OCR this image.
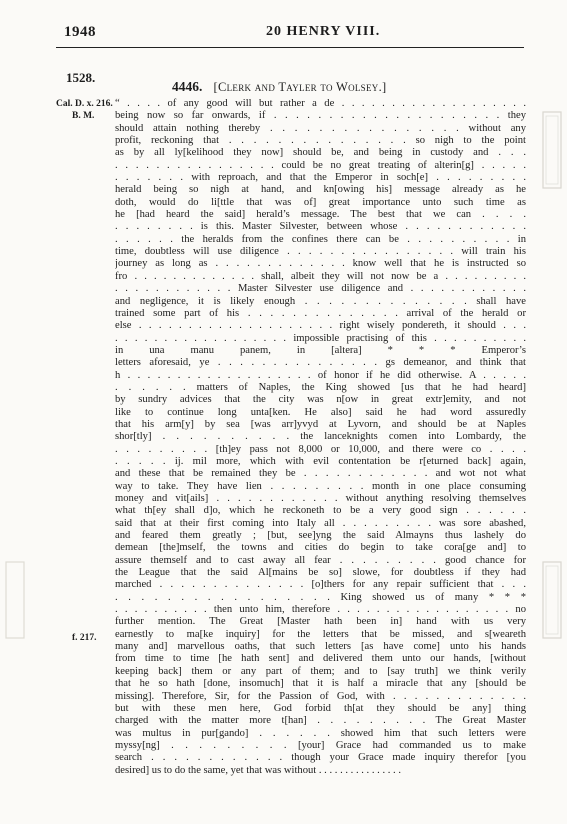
1948	20 HENRY VIII.
1528.
4446. [Clerk and Tayler to Wolsey.]
Cal. D. x. 216.
B. M.
f. 217.
“ . . . . of any good will but rather a de . . . . . . . . . . . . . . . . . . .
being now so far onwards, if . . . . . . . . . . . . . . . . . . . . . they
should attain nothing thereby . . . . . . . . . . . . . . . . without any
profit, reckoning that . . . . . . . . . . . . . . . so nigh to the point
as by all ly[kelihood they now] should be, and being in custody and . . .
. . . . . . . . . . . . . . . . could be no great treating of alterin[g] . . . . .
. . . . . . . with reproach, and that the Emperor in soch[e] . . . . . . . . .
herald being so nigh at hand, and kn[owing his] message already as he
doth, would do li[ttle that was of] great importance unto such time as
he [had heard the said] herald’s message. The best that we can . . . .
. . . . . . . . is this. Master Silvester, between whose . . . . . . . . . . . .
. . . . . . the heralds from the confines there can be . . . . . . . . . . in
time, doubtless will use diligence . . . . . . . . . . . . . . . . will train his
journey as long as . . . . . . . . . . . . . know well that he is instructed so
fro . . . . . . . . . . . . . shall, albeit they will not now be a . . . . . . . . .
. . . . . . . . . . . . Master Silvester use diligence and . . . . . . . . . . . .
and negligence, it is likely enough . . . . . . . . . . . . . . shall have
trained some part of his . . . . . . . . . . . . . . arrival of the herald or
else . . . . . . . . . . . . . . . . . . . . right wisely pondereth, it should . . .
. . . . . . . . . . . . . . . . . . impossible practising of this . . . . . . . . . .
in una manu panem, in [altera] * * * Emperor’s
letters aforesaid, ye . . . . . . . . . . . . . . . gs demeanor, and think that
h . . . . . . . . . . . . . . . . . . . of honor if he did otherwise. A . . . . .
. . . . . . matters of Naples, the King showed [us that he had heard]
by sundry advices that the city was n[ow in great extr]emity, and not
like to continue long unta[ken. He also] said he had word assuredly
that his arm[y] by sea [was arr]yvyd at Lyvorn, and should be at Naples
shor[tly] . . . . . . . . . . the lanceknights comen into Lombardy, the
. . . . . . . . . [th]ey pass not 8,000 or 10,000, and there were co . . . .
. . . . . ij. mil more, which with evil contentation be r[eturned back] again,
and these that be remained they be . . . . . . . . . . . . and wot not what
way to take. They have lien . . . . . . . . . month in one place consuming
money and vit[ails] . . . . . . . . . . . . without anything resolving themselves
what th[ey shall d]o, which he reckoneth to be a very good sign . . . . . .
said that at their first coming into Italy all . . . . . . . . . was sore abashed,
and feared them greatly ; [but, see]yng the said Almayns thus lashely do
demean [the]mself, the towns and cities do begin to take cora[ge and] to
assure themself and to cast away all fear . . . . . . . . . good chance for
the League that the said Al[mains be so] slowe, for doubtless if they had
marched . . . . . . . . . . . . . . [o]thers for any repair sufficient that . . .
. . . . . . . . . . . . . . . . . King showed us of many * * *
. . . . . . . . . . then unto him, therefore . . . . . . . . . . . . . . . . . . no
further mention. The Great [Master hath been in] hand with us very
earnestly to ma[ke inquiry] for the letters that be missed, and s[weareth
many and] marvellous oaths, that such letters [as have come] unto his hands
from time to time [he hath sent] and delivered them unto our hands, [without
keeping back] them or any part of them; and to [say truth] we think verily
that he so hath [done, insomuch] that it is half a miracle that any [should be
missing]. Therefore, Sir, for the Passion of God, with . . . . . . . . . . . . .
but with these men here, God forbid th[at they should be any] thing
charged with the matter more t[han] . . . . . . . . . The Great Master
was multus in pur[gando] . . . . . . showed him that such letters were
myssy[ng] . . . . . . . . . [your] Grace had commanded us to make
search . . . . . . . . . . . . though your Grace made inquiry therefor [you
desired] us to do the same, yet that was without . . . . . . . . . . . . . . . .
